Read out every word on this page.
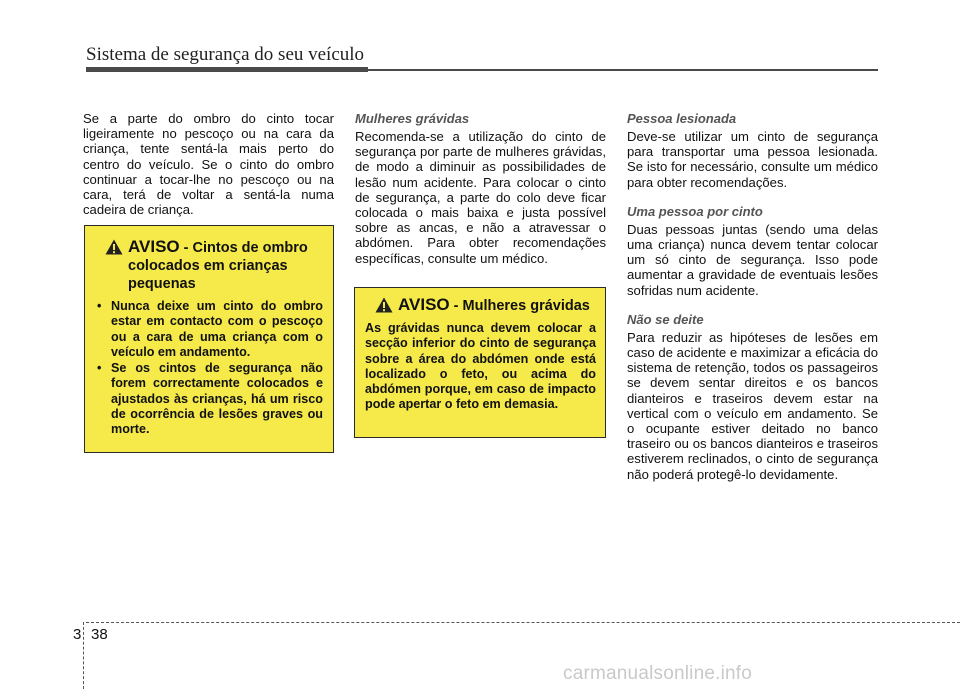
Sistema de segurança do seu veículo

Se a parte do ombro do cinto tocar ligeiramente no pescoço ou na cara da criança, tente sentá-la mais perto do centro do veículo. Se o cinto do ombro continuar a tocar-lhe no pescoço ou na cara, terá de voltar a sentá-la numa cadeira de criança.

AVISO - Cintos de ombro colocados em crianças pequenas
• Nunca deixe um cinto do ombro estar em contacto com o pescoço ou a cara de uma criança com o veículo em andamento.
• Se os cintos de segurança não forem correctamente colocados e ajustados às crianças, há um risco de ocorrência de lesões graves ou morte.
Mulheres grávidas

Recomenda-se a utilização do cinto de segurança por parte de mulheres grávidas, de modo a diminuir as possibilidades de lesão num acidente. Para colocar o cinto de segurança, a parte do colo deve ficar colocada o mais baixa e justa possível sobre as ancas, e não a atravessar o abdómen. Para obter recomendações específicas, consulte um médico.

AVISO - Mulheres grávidas
As grávidas nunca devem colocar a secção inferior do cinto de segurança sobre a área do abdómen onde está localizado o feto, ou acima do abdómen porque, em caso de impacto pode apertar o feto em demasia.
Pessoa lesionada

Deve-se utilizar um cinto de segurança para transportar uma pessoa lesionada. Se isto for necessário, consulte um médico para obter recomendações.

Uma pessoa por cinto

Duas pessoas juntas (sendo uma delas uma criança) nunca devem tentar colocar um só cinto de segurança. Isso pode aumentar a gravidade de eventuais lesões sofridas num acidente.

Não se deite

Para reduzir as hipóteses de lesões em caso de acidente e maximizar a eficácia do sistema de retenção, todos os passageiros se devem sentar direitos e os bancos dianteiros e traseiros devem estar na vertical com o veículo em andamento. Se o ocupante estiver deitado no banco traseiro ou os bancos dianteiros e traseiros estiverem reclinados, o cinto de segurança não poderá protegê-lo devidamente.

3 38
carmanualsonline.info
